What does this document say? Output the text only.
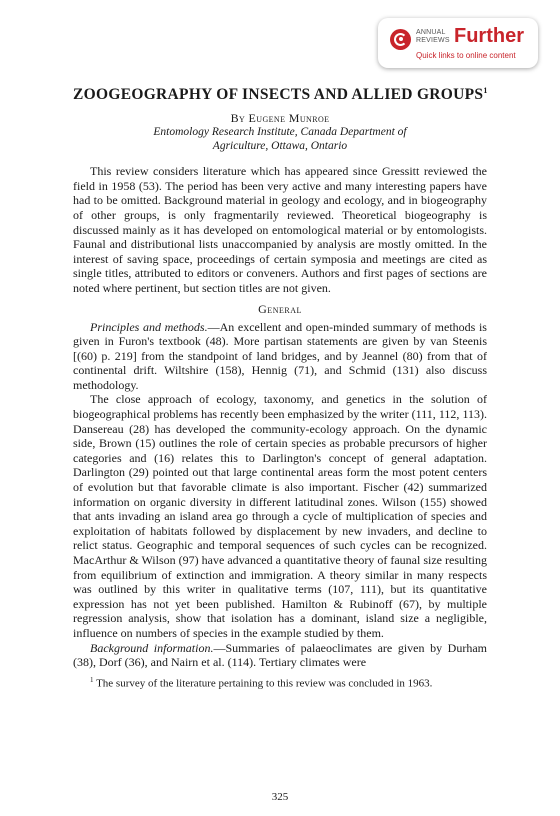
ANNUAL
REVIEWS Further
Quick links to online content
ZOOGEOGRAPHY OF INSECTS AND ALLIED GROUPS$^1$
By Eugene Munroe
Entomology Research Institute, Canada Department of
Agriculture, Ottawa, Ontario

This review considers literature which has appeared since Gressitt reviewed the field in 1958 (53). The period has been very active and many interesting papers have had to be omitted. Background material in geology and ecology, and in biogeography of other groups, is only fragmentarily reviewed. Theoretical biogeography is discussed mainly as it has developed on entomological material or by entomologists. Faunal and distributional lists unaccompanied by analysis are mostly omitted. In the interest of saving space, proceedings of certain symposia and meetings are cited as single titles, attributed to editors or conveners. Authors and first pages of sections are noted where pertinent, but section titles are not given.

General

Principles and methods.—An excellent and open-minded summary of methods is given in Furon's textbook (48). More partisan statements are given by van Steenis [(60) p. 219] from the standpoint of land bridges, and by Jeannel (80) from that of continental drift. Wiltshire (158), Hennig (71), and Schmid (131) also discuss methodology.

The close approach of ecology, taxonomy, and genetics in the solution of biogeographical problems has recently been emphasized by the writer (111, 112, 113). Dansereau (28) has developed the community-ecology approach. On the dynamic side, Brown (15) outlines the role of certain species as probable precursors of higher categories and (16) relates this to Darlington's concept of general adaptation. Darlington (29) pointed out that large continental areas form the most potent centers of evolution but that favorable climate is also important. Fischer (42) summarized information on organic diversity in different latitudinal zones. Wilson (155) showed that ants invading an island area go through a cycle of multiplication of species and exploitation of habitats followed by displacement by new invaders, and decline to relict status. Geographic and temporal sequences of such cycles can be recognized. MacArthur & Wilson (97) have advanced a quantitative theory of faunal size resulting from equilibrium of extinction and immigration. A theory similar in many respects was outlined by this writer in qualitative terms (107, 111), but its quantitative expression has not yet been published. Hamilton & Rubinoff (67), by multiple regression analysis, show that isolation has a dominant, island size a negligible, influence on numbers of species in the example studied by them.

Background information.—Summaries of palaeoclimates are given by Durham (38), Dorf (36), and Nairn et al. (114). Tertiary climates were

$^1$ The survey of the literature pertaining to this review was concluded in 1963.
325
